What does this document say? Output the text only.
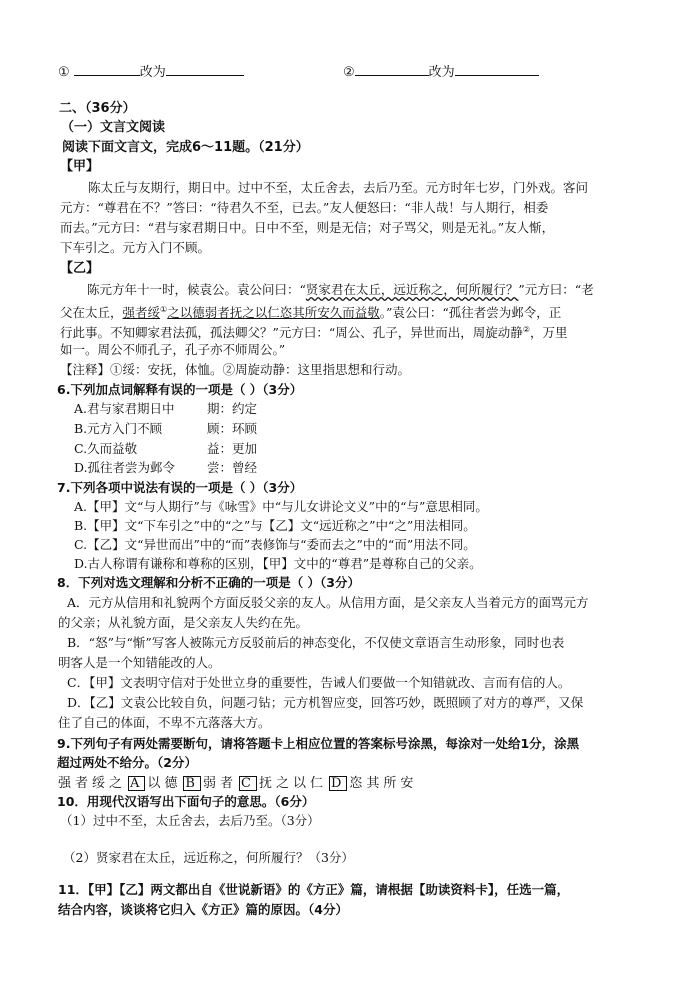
①	改为	②	改为
二、（36分）
（一）文言文阅读
阅读下面文言文，完成6～11题。（21分）
【甲】
陈太丘与友期行，期日中。过中不至，太丘舍去，去后乃至。元方时年七岁，门外戏。客问
元方：“尊君在不？”答曰：“待君久不至，已去。”友人便怒曰：“非人哉！与人期行，相委
而去。”元方曰：“君与家君期日中。日中不至，则是无信；对子骂父，则是无礼。”友人惭，
下车引之。元方入门不顾。
【乙】
陈元方年十一时，候袁公。袁公问曰：“贤家君在太丘，远近称之，何所履行？”元方曰：“老
父在太丘，强者绥①之以德弱者抚之以仁恣其所安久而益敬。”袁公曰：“孤往者尝为邺令，正
行此事。不知卿家君法孤，孤法卿父？”元方曰：“周公、孔子，异世而出，周旋动静②，万里
如一。周公不师孔子，孔子亦不师周公。”
【注释】①绥：安抚，体恤。②周旋动静：这里指思想和行动。
6.下列加点词解释有误的一项是（ ）（3分）
A.君与家君期日中	期：约定
B.元方入门不顾	顾：环顾
C.久而益敬	益：更加
D.孤往者尝为邺令	尝：曾经
7.下列各项中说法有误的一项是（ ）（3分）
A.【甲】文“与人期行”与《咏雪》中“与儿女讲论文义”中的“与”意思相同。
B.【甲】文“下车引之”中的“之”与【乙】文“远近称之”中“之”用法相同。
C.【乙】文“异世而出”中的“而”表修饰与“委而去之”中的“而”用法不同。
D.古人称谓有谦称和尊称的区别，【甲】文中的“尊君”是尊称自己的父亲。
8．下列对选文理解和分析不正确的一项是（ ）（3分）
A．元方从信用和礼貌两个方面反驳父亲的友人。从信用方面，是父亲友人当着元方的面骂元方
的父亲；从礼貌方面，是父亲友人失约在先。
B．“怒”与“惭”写客人被陈元方反驳前后的神态变化，不仅使文章语言生动形象，同时也表
明客人是一个知错能改的人。
C．【甲】文表明守信对于处世立身的重要性，告诫人们要做一个知错就改、言而有信的人。
D．【乙】文袁公比较自负，问题刁钻；元方机智应变，回答巧妙，既照顾了对方的尊严，又保
住了自己的体面，不卑不亢落落大方。
9.下列句子有两处需要断句，请将答题卡上相应位置的答案标号涂黑，每涂对一处给1分，涂黑
超过两处不给分。（2分）
强者绥之 A 以德 B 弱者 C 抚之以仁 D 恣其所安
10．用现代汉语写出下面句子的意思。（6分）
（1）过中不至，太丘舍去，去后乃至。（3分）
（2）贤家君在太丘，远近称之，何所履行？（3分）
11．【甲】【乙】两文都出自《世说新语》的《方正》篇，请根据【助读资料卡】，任选一篇，
结合内容，谈谈将它归入《方正》篇的原因。（4分）
